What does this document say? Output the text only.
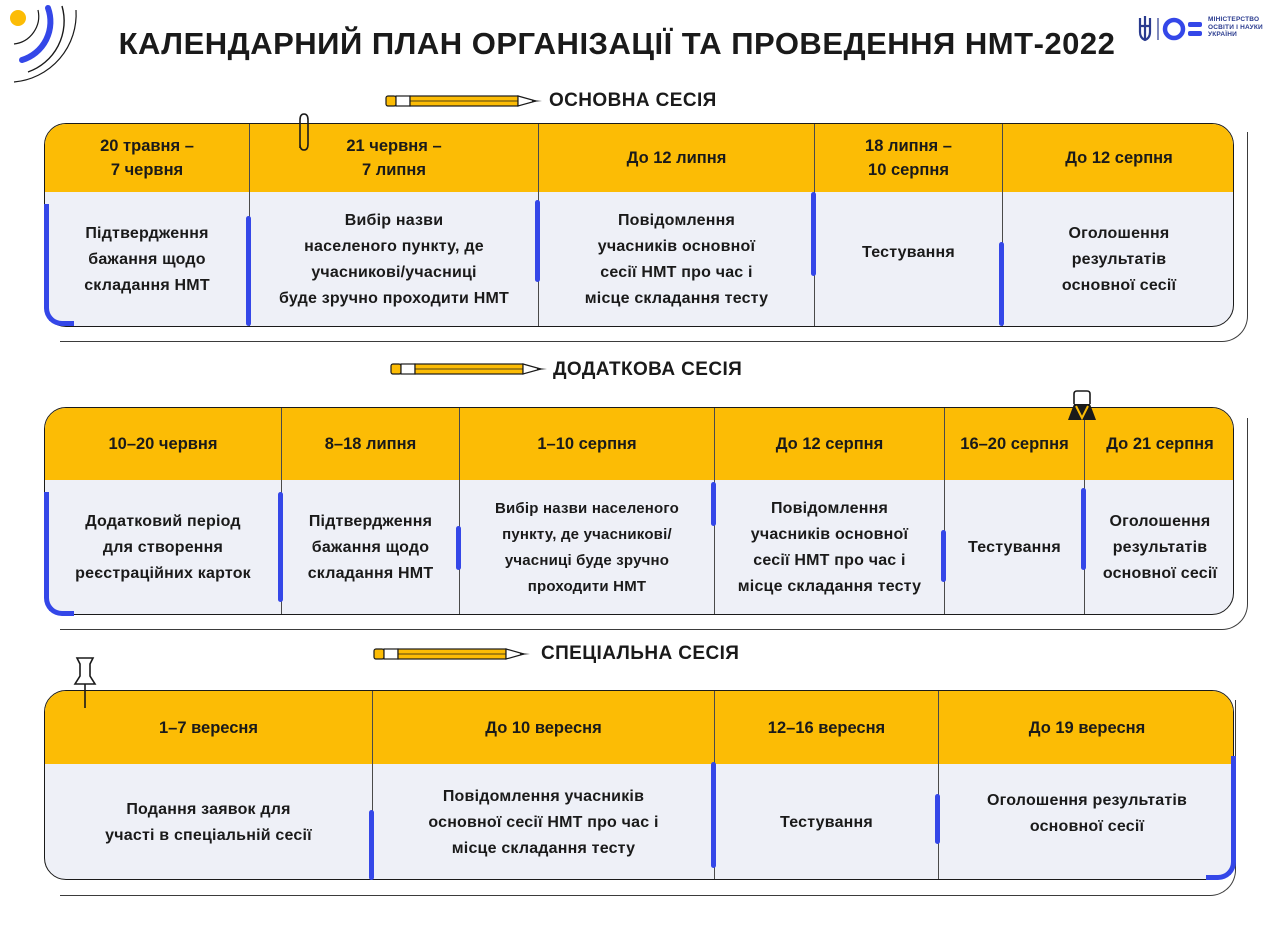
КАЛЕНДАРНИЙ ПЛАН ОРГАНІЗАЦІЇ ТА ПРОВЕДЕННЯ НМТ-2022
МІНІСТЕРСТВО
ОСВІТИ І НАУКИ
УКРАЇНИ
ОСНОВНА СЕСІЯ
20 травня –
7 червня
Підтвердження
бажання щодо
складання НМТ
21 червня –
7 липня
Вибір назви
населеного пункту, де
учасникові/учасниці
буде зручно проходити НМТ
До 12 липня
Повідомлення
учасників основної
сесії НМТ про час і
місце складання тесту
18 липня –
10 серпня
Тестування
До 12 серпня
Оголошення
результатів
основної сесії
ДОДАТКОВА СЕСІЯ
10–20 червня
Додатковий період
для створення
реєстраційних карток
8–18 липня
Підтвердження
бажання щодо
складання НМТ
1–10 серпня
Вибір назви населеного
пункту, де учасникові/
учасниці буде зручно
проходити НМТ
До 12 серпня
Повідомлення
учасників основної
сесії НМТ про час і
місце складання тесту
16–20 серпня
Тестування
До 21 серпня
Оголошення
результатів
основної сесії
СПЕЦІАЛЬНА СЕСІЯ
1–7 вересня
Подання заявок для
участі в спеціальній сесії
До 10 вересня
Повідомлення учасників
основної сесії НМТ про час і
місце складання тесту
12–16 вересня
Тестування
До 19 вересня
Оголошення результатів
основної сесії
